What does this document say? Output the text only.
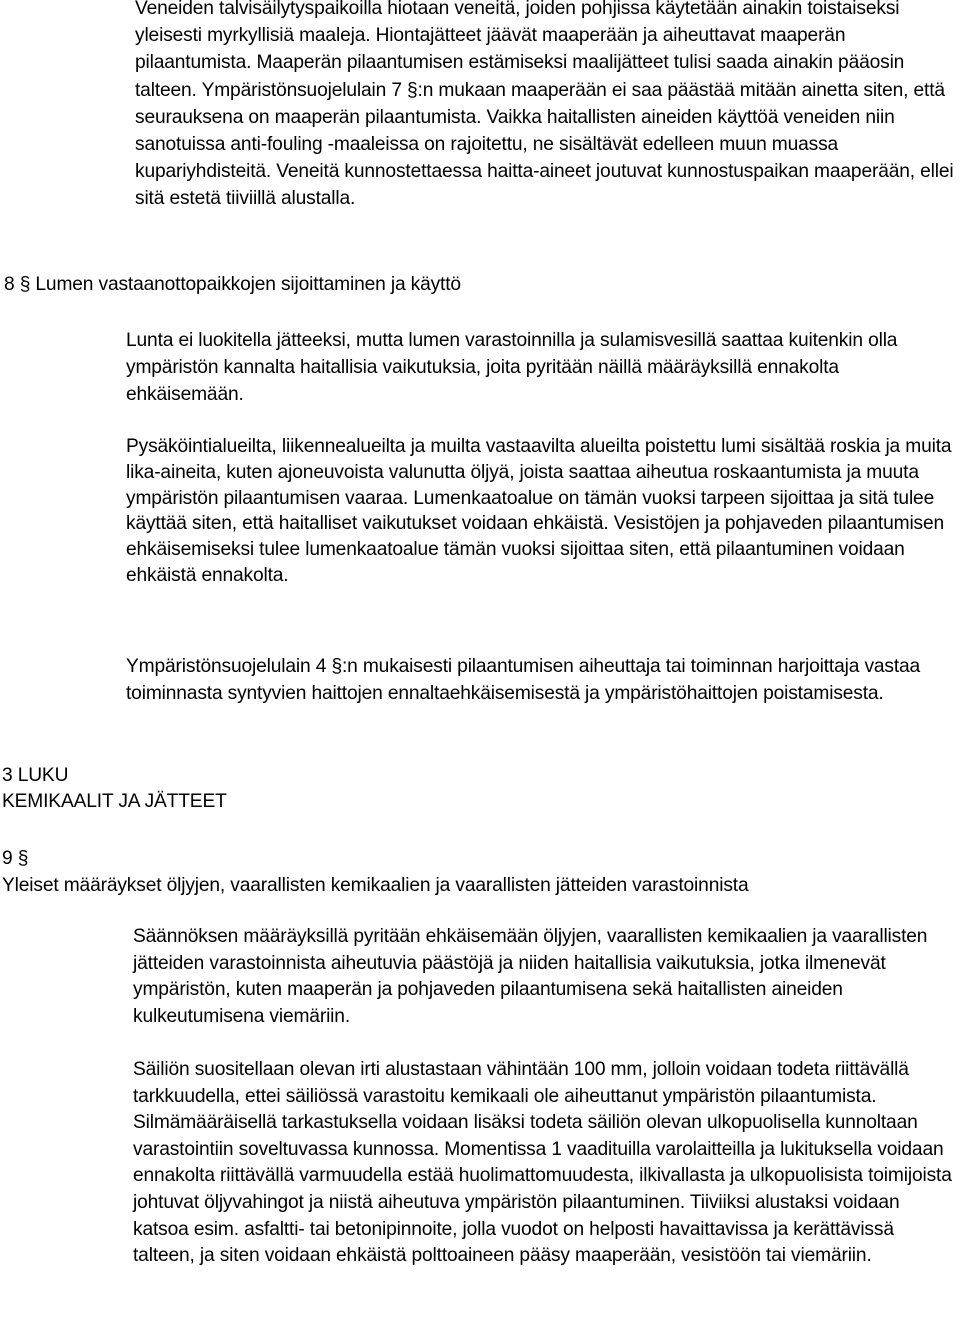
Veneiden talvisäilytyspaikoilla hiotaan veneitä, joiden pohjissa käytetään ainakin toistaiseksi yleisesti myrkyllisiä maaleja. Hiontajätteet jäävät maaperään ja aiheuttavat maaperän pilaantumista. Maaperän pilaantumisen estämiseksi maalijätteet tulisi saada ainakin pääosin talteen. Ympäristönsuojelulain 7 §:n mukaan maaperään ei saa päästää mitään ainetta siten, että seurauksena on maaperän pilaantumista. Vaikka haitallisten aineiden käyttöä veneiden niin sanotuissa anti-fouling -maaleissa on rajoitettu, ne sisältävät edelleen muun muassa kupariyhdisteitä. Veneitä kunnostettaessa haitta-aineet joutuvat kunnostuspaikan maaperään, ellei sitä estetä tiiviillä alustalla.

8 § Lumen vastaanottopaikkojen sijoittaminen ja käyttö

Lunta ei luokitella jätteeksi, mutta lumen varastoinnilla ja sulamisvesillä saattaa kuitenkin olla ympäristön kannalta haitallisia vaikutuksia, joita pyritään näillä määräyksillä ennakolta ehkäisemään.

Pysäköintialueilta, liikennealueilta ja muilta vastaavilta alueilta poistettu lumi sisältää roskia ja muita lika-aineita, kuten ajoneuvoista valunutta öljyä, joista saattaa aiheutua roskaantumista ja muuta ympäristön pilaantumisen vaaraa. Lumenkaatoalue on tämän vuoksi tarpeen sijoittaa ja sitä tulee käyttää siten, että haitalliset vaikutukset voidaan ehkäistä. Vesistöjen ja pohjaveden pilaantumisen ehkäisemiseksi tulee lumenkaatoalue tämän vuoksi sijoittaa siten, että pilaantuminen voidaan ehkäistä ennakolta.

Ympäristönsuojelulain 4 §:n mukaisesti pilaantumisen aiheuttaja tai toiminnan harjoittaja vastaa toiminnasta syntyvien haittojen ennaltaehkäisemisestä ja ympäristöhaittojen poistamisesta.

3 LUKU
KEMIKAALIT JA JÄTTEET
9 §
Yleiset määräykset öljyjen, vaarallisten kemikaalien ja vaarallisten jätteiden varastoinnista

Säännöksen määräyksillä pyritään ehkäisemään öljyjen, vaarallisten kemikaalien ja vaarallisten jätteiden varastoinnista aiheutuvia päästöjä ja niiden haitallisia vaikutuksia, jotka ilmenevät ympäristön, kuten maaperän ja pohjaveden pilaantumisena sekä haitallisten aineiden kulkeutumisena viemäriin.

Säiliön suositellaan olevan irti alustastaan vähintään 100 mm, jolloin voidaan todeta riittävällä tarkkuudella, ettei säiliössä varastoitu kemikaali ole aiheuttanut ympäristön pilaantumista. Silmämääräisellä tarkastuksella voidaan lisäksi todeta säiliön olevan ulkopuolisella kunnoltaan varastointiin soveltuvassa kunnossa. Momentissa 1 vaadituilla varolaitteilla ja lukituksella voidaan ennakolta riittävällä varmuudella estää huolimattomuudesta, ilkivallasta ja ulkopuolisista toimijoista johtuvat öljyvahingot ja niistä aiheutuva ympäristön pilaantuminen. Tiiviiksi alustaksi voidaan katsoa esim. asfaltti- tai betonipinnoite, jolla vuodot on helposti havaittavissa ja kerättävissä talteen, ja siten voidaan ehkäistä polttoaineen pääsy maaperään, vesistöön tai viemäriin.
